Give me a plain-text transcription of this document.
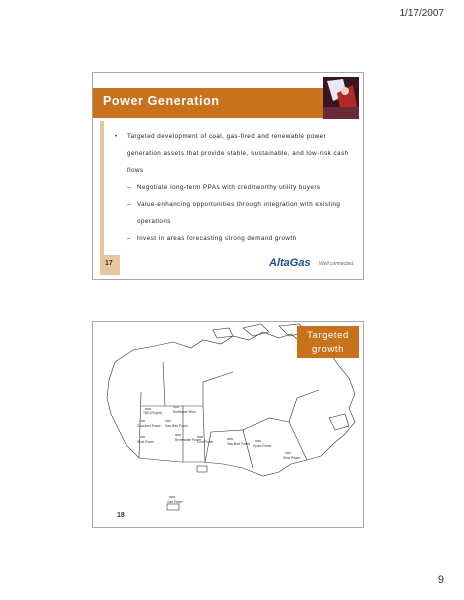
1/17/2007
Power Generation
• Targeted development of coal, gas-fired and renewable power generation assets that provide stable, sustainable, and low-risk cash flows
– Negotiate long-term PPAs with creditworthy utility buyers
– Value-enhancing opportunities through integration with existing operations
– Invest in areas forecasting strong demand growth
17	AltaGas Well connected.
Targeted
growth
TBD (Project)	Northwest Wind
Coal-fired Power Gas-fired Power
Wind Power	Renewable Power
Coal Power	Gas-fired Power Hydro Power
Wind Power
Gas Power
18
9
